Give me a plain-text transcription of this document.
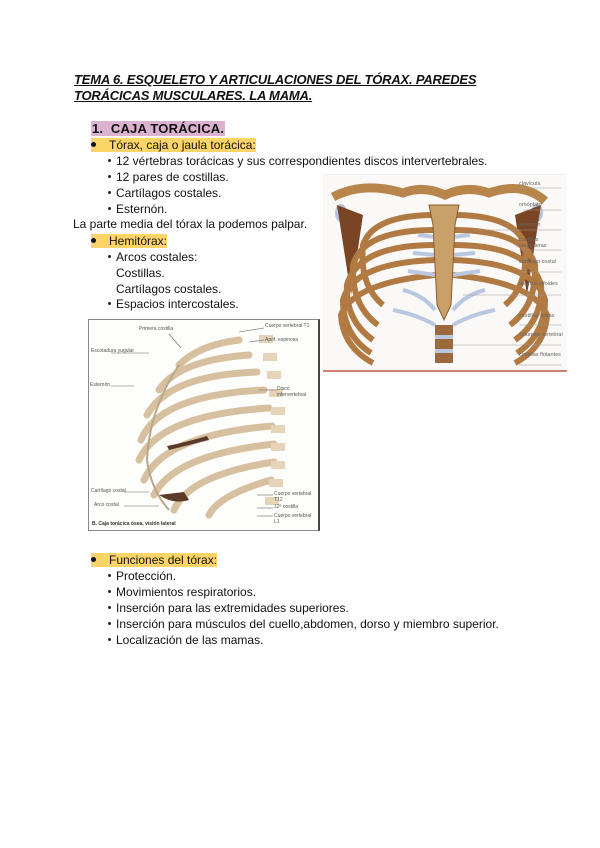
TEMA 6. ESQUELETO Y ARTICULACIONES DEL TÓRAX. PAREDES
TORÁCICAS MUSCULARES. LA MAMA.
1. CAJA TORÁCICA.
Tórax, caja o jaula torácica:
12 vértebras torácicas y sus correspondientes discos intervertebrales.
12 pares de costillas.
Cartílagos costales.
Esternón.
La parte media del tórax la podemos palpar.
Hemitórax:
Arcos costales:
Costillas.
Cartílagos costales.
Espacios intercostales.
clavícula
omóplato
esternón
costillas verdaderas
cartílago costal
apófisis xifoides
costillas falsas
columna vertebral
costillas flotantes
Primera costilla
Escotadura yugular
Esternón
Cuerpo vertebral T1
Apóf. espinosa
Disco intervertebral
Cartílago costal
Arco costal
Cuerpo vertebral T12
12ª costilla
Cuerpo vertebral L1
B. Caja torácica ósea, visión lateral
Funciones del tórax:
Protección.
Movimientos respiratorios.
Inserción para las extremidades superiores.
Inserción para músculos del cuello,abdomen, dorso y miembro superior.
Localización de las mamas.
